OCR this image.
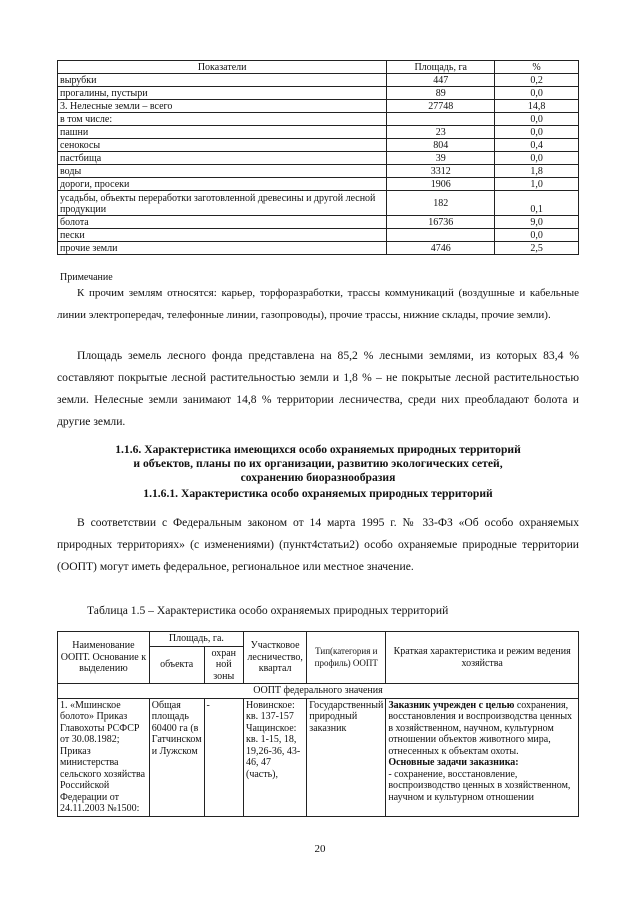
Показатели	Площадь, га	%
вырубки	447	0,2
прогалины, пустыри	89	0,0
3. Нелесные земли – всего	27748	14,8
в том числе:		0,0
пашни	23	0,0
сенокосы	804	0,4
пастбища	39	0,0
воды	3312	1,8
дороги, просеки	1906	1,0
усадьбы, объекты переработки заготовленной древесины и другой лесной продукции	182	0,1
болота	16736	9,0
пески		0,0
прочие земли	4746	2,5
Примечание
К прочим землям относятся: карьер, торфоразработки, трассы коммуникаций (воздушные и кабельные линии электропередач, телефонные линии, газопроводы), прочие трассы, нижние склады, прочие земли).
Площадь земель лесного фонда представлена на 85,2 % лесными землями, из которых 83,4 % составляют покрытые лесной растительностью земли и 1,8 % – не покрытые лесной растительностью земли. Нелесные земли занимают 14,8 % территории лесничества, среди них преобладают болота и другие земли.
1.1.6. Характеристика имеющихся особо охраняемых природных территорий
и объектов, планы по их организации, развитию экологических сетей,
сохранению биоразнообразия
1.1.6.1. Характеристика особо охраняемых природных территорий
В соответствии с Федеральным законом от 14 марта 1995 г. № 33-ФЗ «Об особо охраняемых природных территориях» (с изменениями) (пункт4статьи2) особо охраняемые природные территории (ООПТ) могут иметь федеральное, региональное или местное значение.
Таблица 1.5 – Характеристика особо охраняемых природных территорий
Наименование ООПТ. Основание к выделению	Площадь, га.		Участковое лесничество, квартал	Тип(категория и профиль) ООПТ	Краткая характеристика и режим ведения хозяйства
	объекта	охран ной зоны			
ООПТ федерального значения					
1. «Мшинское болото» Приказ Главохоты РСФСР от 30.08.1982; Приказ министерства сельского хозяйства Российской Федерации от 24.11.2003 №1500:	Общая площадь 60400 га (в Гатчинском и Лужском	-	Новинское: кв. 137-157 Чащинское: кв. 1-15, 18, 19,26-36, 43-46, 47 (часть),	Государственный природный заказник	Заказник учрежден с целью сохранения, восстановления и воспроизводства ценных в хозяйственном, научном, культурном отношении объектов животного мира, отнесенных к объектам охоты.
Основные задачи заказника:
- сохранение, восстановление, воспроизводство ценных в хозяйственном, научном и культурном отношении
20
